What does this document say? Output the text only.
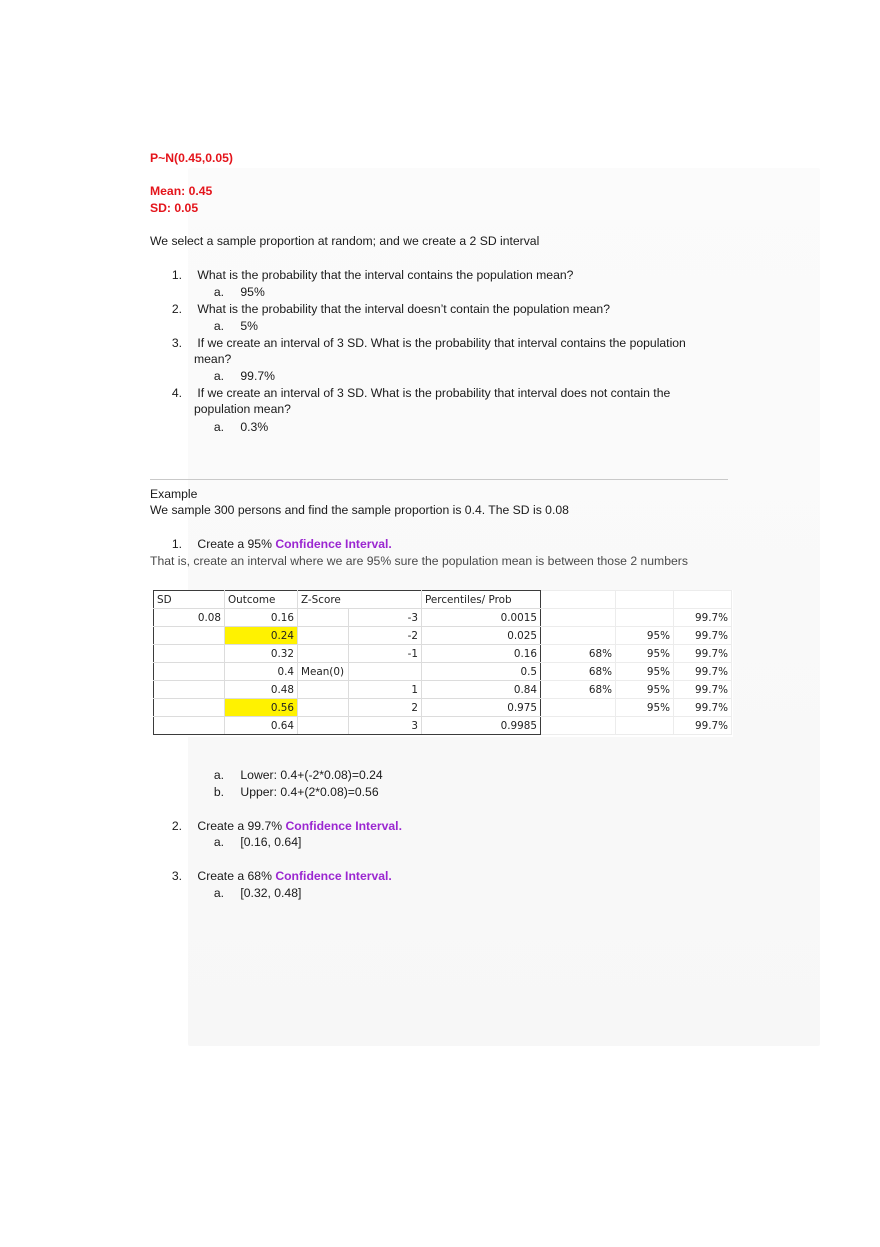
P~N(0.45,0.05)
Mean: 0.45
SD: 0.05
We select a sample proportion at random; and we create a 2 SD interval
1. What is the probability that the interval contains the population mean?
a. 95%
2. What is the probability that the interval doesn’t contain the population mean?
a. 5%
3. If we create an interval of 3 SD. What is the probability that interval contains the population
mean?
a. 99.7%
4. If we create an interval of 3 SD. What is the probability that interval does not contain the
population mean?
a. 0.3%
Example
We sample 300 persons and find the sample proportion is 0.4. The SD is 0.08
1. Create a 95% Confidence Interval.
That is, create an interval where we are 95% sure the population mean is between those 2 numbers
SD	Outcome	Z-Score		Percentiles/ Prob			
0.08	0.16		-3	0.0015			99.7%
	0.24		-2	0.025		95%	99.7%
	0.32		-1	0.16	68%	95%	99.7%
	0.4	Mean(0)		0.5	68%	95%	99.7%
	0.48		1	0.84	68%	95%	99.7%
	0.56		2	0.975		95%	99.7%
	0.64		3	0.9985			99.7%
a. Lower: 0.4+(-2*0.08)=0.24
b. Upper: 0.4+(2*0.08)=0.56
2. Create a 99.7% Confidence Interval.
a. [0.16, 0.64]
3. Create a 68% Confidence Interval.
a. [0.32, 0.48]
